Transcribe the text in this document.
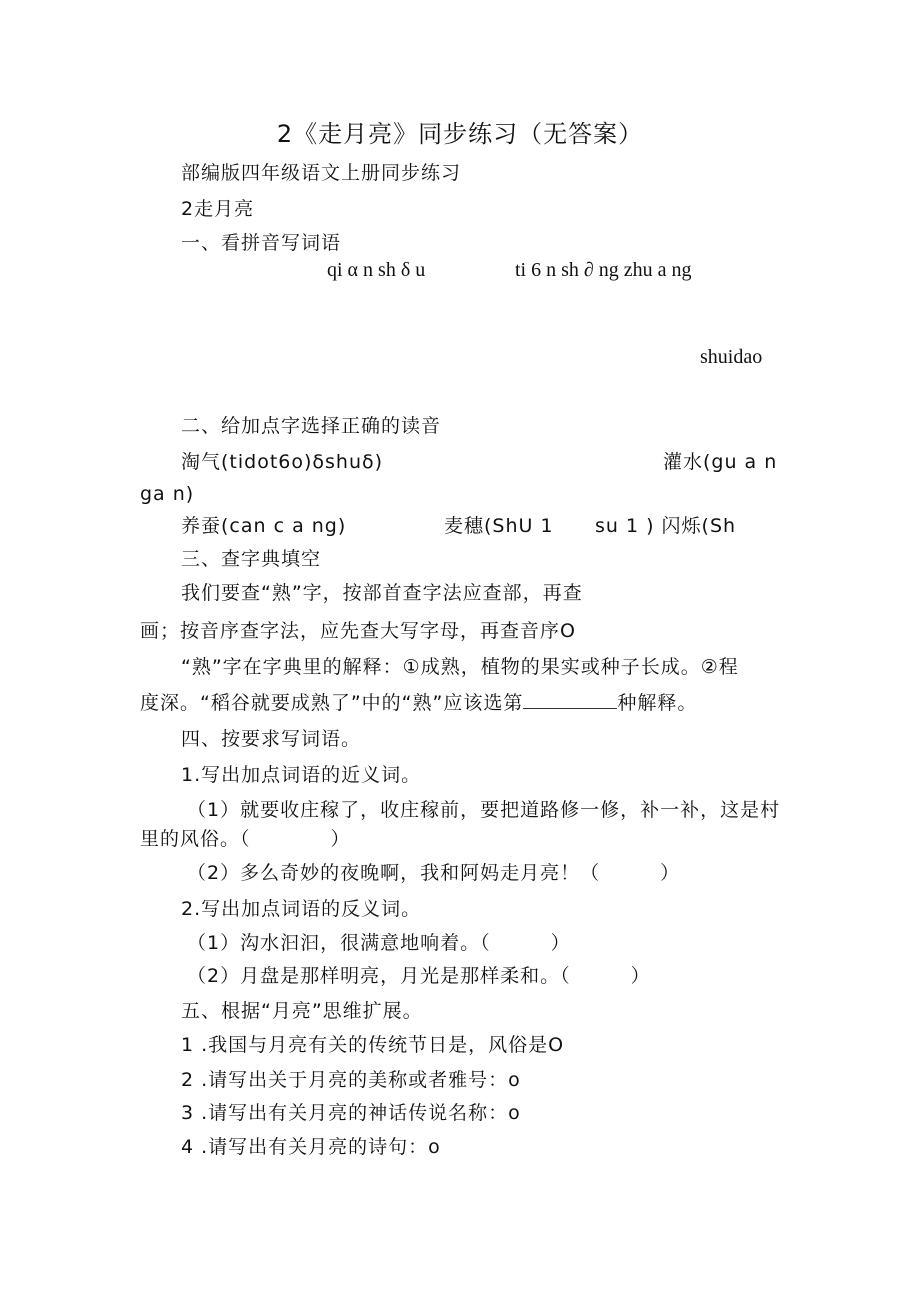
2《走月亮》同步练习（无答案）
部编版四年级语文上册同步练习
2走月亮
一、看拼音写词语
qi α n sh δ u	ti 6 n sh ∂ ng zhu a ng
shuidao
二、给加点字选择正确的读音
淘气(tidot6o)δshuδ)	灌水(gu a n
ga n)
养蚕(can c a ng)	麦穗(ShU 1 su 1 ) 闪烁(Sh
三、查字典填空
我们要查“熟”字，按部首查字法应查部，再查
画；按音序查字法，应先查大写字母，再查音序O
“熟”字在字典里的解释：①成熟，植物的果实或种子长成。②程
度深。“稻谷就要成熟了”中的“熟”应该选第	种解释。
四、按要求写词语。
1.写出加点词语的近义词。
（1）就要收庄稼了，收庄稼前，要把道路修一修，补一补，这是村
里的风俗。（　　　　）
（2）多么奇妙的夜晚啊，我和阿妈走月亮！（　　　）
2.写出加点词语的反义词。
（1）沟水汩汩，很满意地响着。（　　　）
（2）月盘是那样明亮，月光是那样柔和。（　　　）
五、根据“月亮”思维扩展。
1 .我国与月亮有关的传统节日是，风俗是O
2 .请写出关于月亮的美称或者雅号：o
3 .请写出有关月亮的神话传说名称：o
4 .请写出有关月亮的诗句：o
